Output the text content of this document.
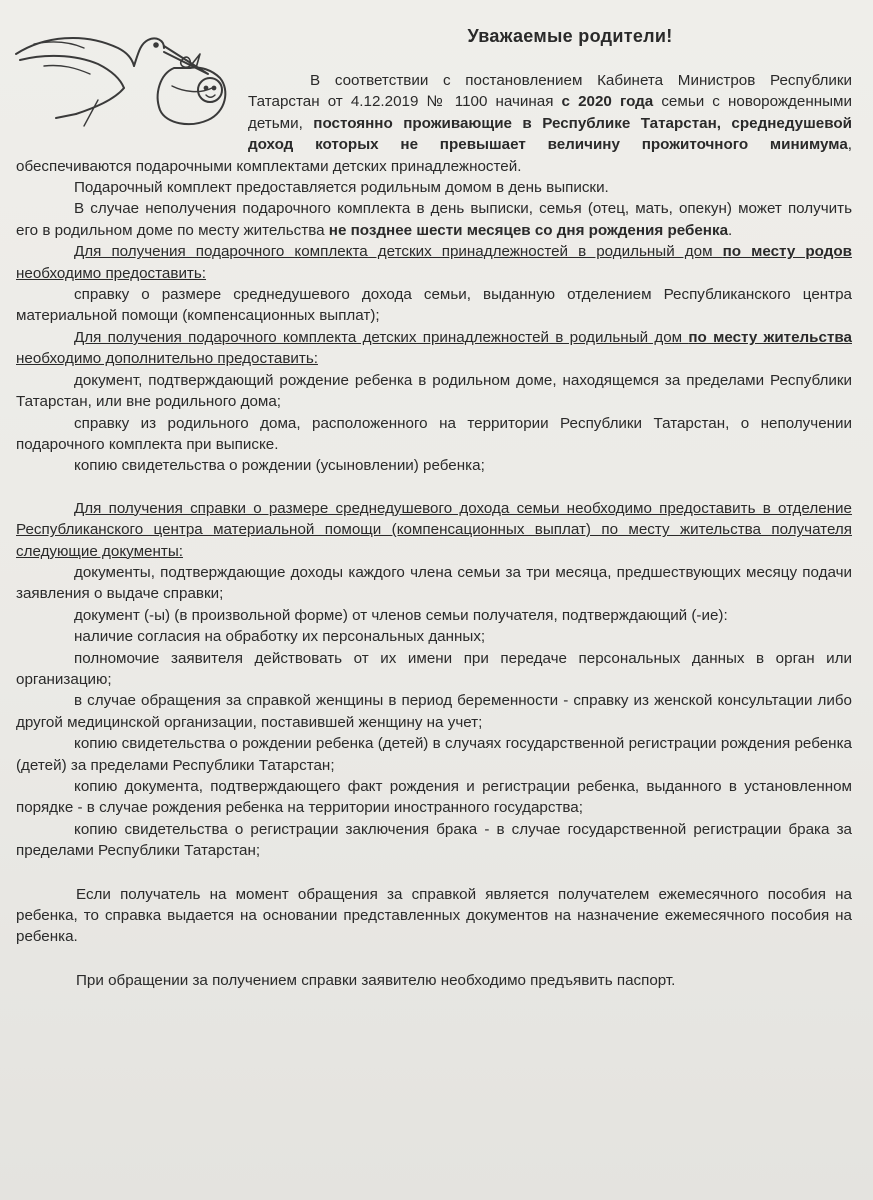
Уважаемые родители!

В соответствии с постановлением Кабинета Министров Республики Татарстан от 4.12.2019 № 1100 начиная с 2020 года семьи с новорожденными детьми, постоянно проживающие в Республике Татарстан, среднедушевой доход которых не превышает величину прожиточного минимума, обеспечиваются подарочными комплектами детских принадлежностей.

Подарочный комплект предоставляется родильным домом в день выписки.

В случае неполучения подарочного комплекта в день выписки, семья (отец, мать, опекун) может получить его в родильном доме по месту жительства не позднее шести месяцев со дня рождения ребенка.

Для получения подарочного комплекта детских принадлежностей в родильный дом по месту родов необходимо предоставить:

справку о размере среднедушевого дохода семьи, выданную отделением Республиканского центра материальной помощи (компенсационных выплат);

Для получения подарочного комплекта детских принадлежностей в родильный дом по месту жительства необходимо дополнительно предоставить:

документ, подтверждающий рождение ребенка в родильном доме, находящемся за пределами Республики Татарстан, или вне родильного дома;

справку из родильного дома, расположенного на территории Республики Татарстан, о неполучении подарочного комплекта при выписке.

копию свидетельства о рождении (усыновлении) ребенка;

Для получения справки о размере среднедушевого дохода семьи необходимо предоставить в отделение Республиканского центра материальной помощи (компенсационных выплат) по месту жительства получателя следующие документы:

документы, подтверждающие доходы каждого члена семьи за три месяца, предшествующих месяцу подачи заявления о выдаче справки;

документ (-ы) (в произвольной форме) от членов семьи получателя, подтверждающий (-ие):

наличие согласия на обработку их персональных данных;

полномочие заявителя действовать от их имени при передаче персональных данных в орган или организацию;

в случае обращения за справкой женщины в период беременности - справку из женской консультации либо другой медицинской организации, поставившей женщину на учет;

копию свидетельства о рождении ребенка (детей) в случаях государственной регистрации рождения ребенка (детей) за пределами Республики Татарстан;

копию документа, подтверждающего факт рождения и регистрации ребенка, выданного в установленном порядке - в случае рождения ребенка на территории иностранного государства;

копию свидетельства о регистрации заключения брака - в случае государственной регистрации брака за пределами Республики Татарстан;

Если получатель на момент обращения за справкой является получателем ежемесячного пособия на ребенка, то справка выдается на основании представленных документов на назначение ежемесячного пособия на ребенка.

При обращении за получением справки заявителю необходимо предъявить паспорт.
